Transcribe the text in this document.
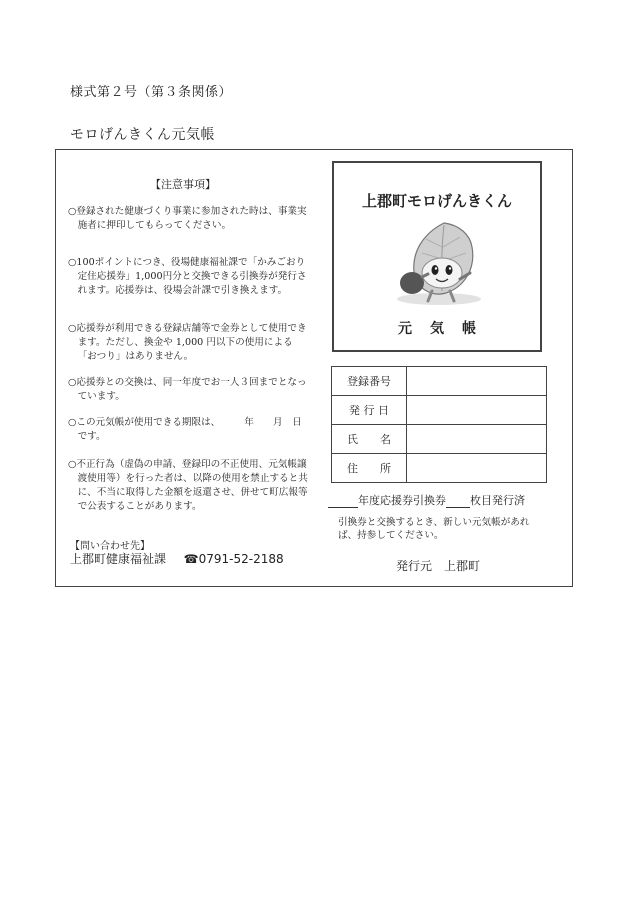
様式第２号（第３条関係）
モロげんきくん元気帳
【注意事項】
○登録された健康づくり事業に参加された時は、事業実施者に押印してもらってください。
○100ポイントにつき、役場健康福祉課で「かみごおり定住応援券」1,000円分と交換できる引換券が発行されます。応援券は、役場会計課で引き換えます。
○応援券が利用できる登録店舗等で金券として使用できます。ただし、換金や 1,000 円以下の使用による「おつり」はありません。
○応援券との交換は、同一年度でお一人３回までとなっています。
○この元気帳が使用できる期限は、　　　年　　月　日です。
○不正行為（虚偽の申請、登録印の不正使用、元気帳譲渡使用等）を行った者は、以降の使用を禁止すると共に、不当に取得した金額を返還させ、併せて町広報等で公表することがあります。
【問い合わせ先】
上郡町健康福祉課 ☎0791-52-2188
上郡町モロげんきくん
元気帳
登録番号	
発 行 日	
氏　　名	
住　　所	
年度応援券引換券 枚目発行済
引換券と交換するとき、新しい元気帳があれば、持参してください。
発行元　上郡町
